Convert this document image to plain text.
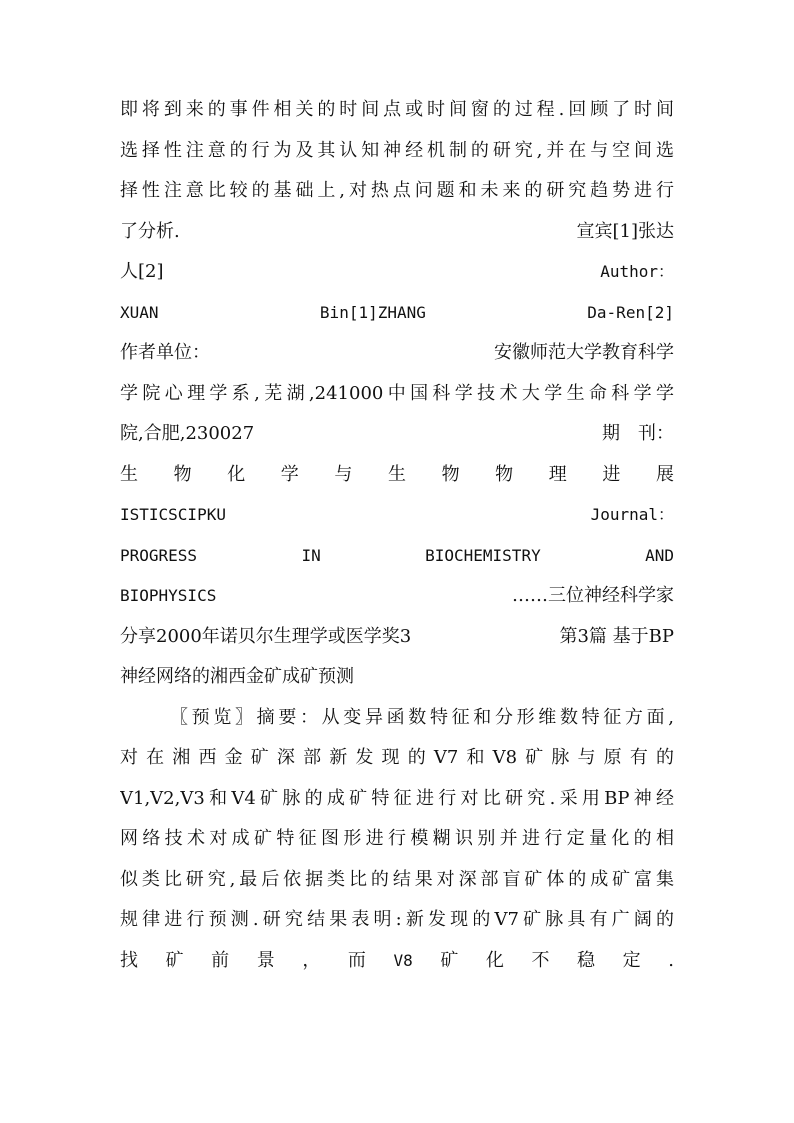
即将到来的事件相关的时间点或时间窗的过程.回顾了时间
选择性注意的行为及其认知神经机制的研究,并在与空间选
择性注意比较的基础上,对热点问题和未来的研究趋势进行
了分析.	宣宾[1]张达
人[2]	Author：
XUAN	Bin[1]ZHANG	Da-Ren[2]
作者单位：	安徽师范大学教育科学
学院心理学系,芜湖,241000中国科学技术大学生命科学学
院,合肥,230027	期　刊：
生 物 化 学 与 生 物 物 理 进 展
ISTICSCIPKU	Journal：
PROGRESS	IN	BIOCHEMISTRY	AND
BIOPHYSICS	……三位神经科学家
分享2000年诺贝尔生理学或医学奖3	第3篇 基于BP
神经网络的湘西金矿成矿预测
〖预览〗摘要：从变异函数特征和分形维数特征方面,
对在湘西金矿深部新发现的V7和V8矿脉与原有的
V1,V2,V3和V4矿脉的成矿特征进行对比研究.采用BP神经
网络技术对成矿特征图形进行模糊识别并进行定量化的相
似类比研究,最后依据类比的结果对深部盲矿体的成矿富集
规律进行预测.研究结果表明:新发现的V7矿脉具有广阔的
找 矿 前 景 ， 而 V8 矿 化 不 稳 定 .
